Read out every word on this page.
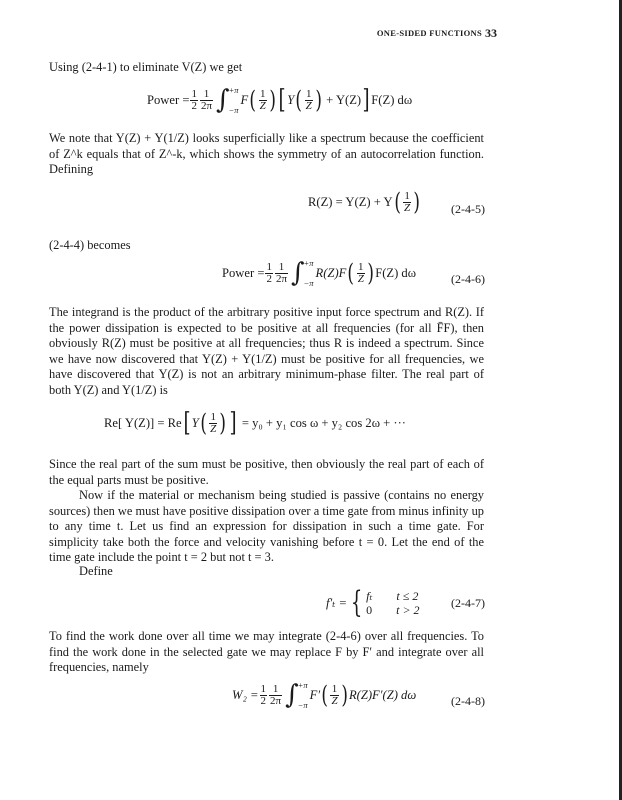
ONE-SIDED FUNCTIONS 33

Using (2-4-1) to eliminate V(Z) we get

Power = $\frac{1}{2} \frac{1}{2\pi}$ ∫ +π
−π
F ( $\frac{1}{Z}$ ) [ Y ( $\frac{1}{Z}$ ) + Y(Z) ] F(Z) dω

We note that Y(Z) + Y(1/Z) looks superficially like a spectrum because the coefficient of Z^k equals that of Z^-k, which shows the symmetry of an autocorrelation function. Defining

R(Z) = Y(Z) + Y ( $\frac{1}{Z}$ )	(2-4-5)

(2-4-4) becomes

Power = $\frac{1}{2} \frac{1}{2\pi}$ ∫ +π
−π
R(Z)F ( $\frac{1}{Z}$ ) F(Z) dω	(2-4-6)

The integrand is the product of the arbitrary positive input force spectrum and R(Z). If the power dissipation is expected to be positive at all frequencies (for all F̄F), then obviously R(Z) must be positive at all frequencies; thus R is indeed a spectrum. Since we have now discovered that Y(Z) + Y(1/Z) must be positive for all frequencies, we have discovered that Y(Z) is not an arbitrary minimum-phase filter. The real part of both Y(Z) and Y(1/Z) is

Re[ Y(Z)] = Re [ Y ( $\frac{1}{Z}$ ) ] = y₀ + y₁ cos ω + y₂ cos 2ω + ···

Since the real part of the sum must be positive, then obviously the real part of each of the equal parts must be positive.

Now if the material or mechanism being studied is passive (contains no energy sources) then we must have positive dissipation over a time gate from minus infinity up to any time t. Let us find an expression for dissipation in such a time gate. For simplicity take both the force and velocity vanishing before t = 0. Let the end of the time gate include the point t = 2 but not t = 3.

Define

f′ₜ = { fₜ t ≤ 2
0 t > 2	(2-4-7)

To find the work done over all time we may integrate (2-4-6) over all frequencies. To find the work done in the selected gate we may replace F by F′ and integrate over all frequencies, namely

$W_2 = \frac{1}{2} \frac{1}{2\pi}$ ∫ +π
−π
F′ ( $\frac{1}{Z}$ ) R(Z)F′(Z) dω	(2-4-8)
